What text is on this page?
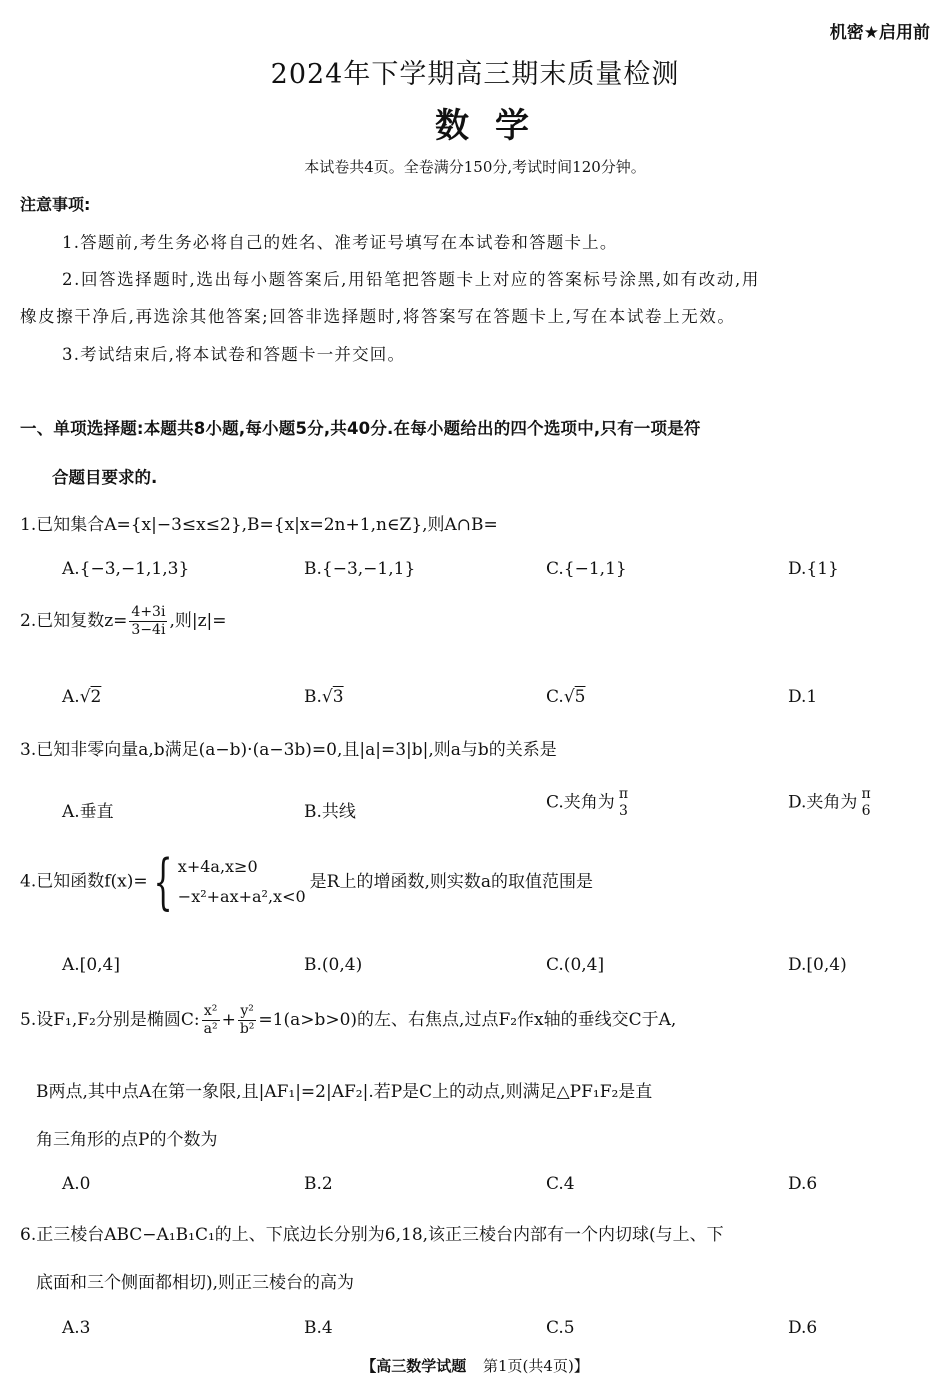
机密★启用前
2024年下学期高三期末质量检测
数学
本试卷共4页。全卷满分150分,考试时间120分钟。
注意事项:
1.答题前,考生务必将自己的姓名、准考证号填写在本试卷和答题卡上。
2.回答选择题时,选出每小题答案后,用铅笔把答题卡上对应的答案标号涂黑,如有改动,用
橡皮擦干净后,再选涂其他答案;回答非选择题时,将答案写在答题卡上,写在本试卷上无效。
3.考试结束后,将本试卷和答题卡一并交回。
一、单项选择题:本题共8小题,每小题5分,共40分.在每小题给出的四个选项中,只有一项是符
合题目要求的.
1.已知集合A={x|−3≤x≤2},B={x|x=2n+1,n∈Z},则A∩B=
A.{−3,−1,1,3}	B.{−3,−1,1}	C.{−1,1}	D.{1}
2.已知复数$z= \frac{4+3i}{3-4i}$ ,则|z|=
A.√2	B.√3	C.√5	D.1
3.已知非零向量a,b满足(a−b)·(a−3b)=0,且|a|=3|b|,则a与b的关系是
A.垂直	B.共线	C.夹角为 π
3	D.夹角为 π
6
4.已知函数f(x)={ x+4a,x≥0
−x²+ax+a²,x<0
是R上的增函数,则实数a的取值范围是
A.[0,4]	B.(0,4)	C.(0,4]	D.[0,4)
5.设F₁,F₂分别是椭圆C: $\frac{\text{x²}}{\text{a²}} + \frac{\text{y²}}{\text{b²}} =1(a>b>0)$的左、右焦点,过点F₂作x轴的垂线交C于A,
B两点,其中点A在第一象限,且|AF₁|=2|AF₂|.若P是C上的动点,则满足△PF₁F₂是直
角三角形的点P的个数为
A.0	B.2	C.4	D.6
6.正三棱台ABC−A₁B₁C₁的上、下底边长分别为6,18,该正三棱台内部有一个内切球(与上、下
底面和三个侧面都相切),则正三棱台的高为
A.3	B.4	C.5	D.6
【高三数学试题 第1页(共4页)】
